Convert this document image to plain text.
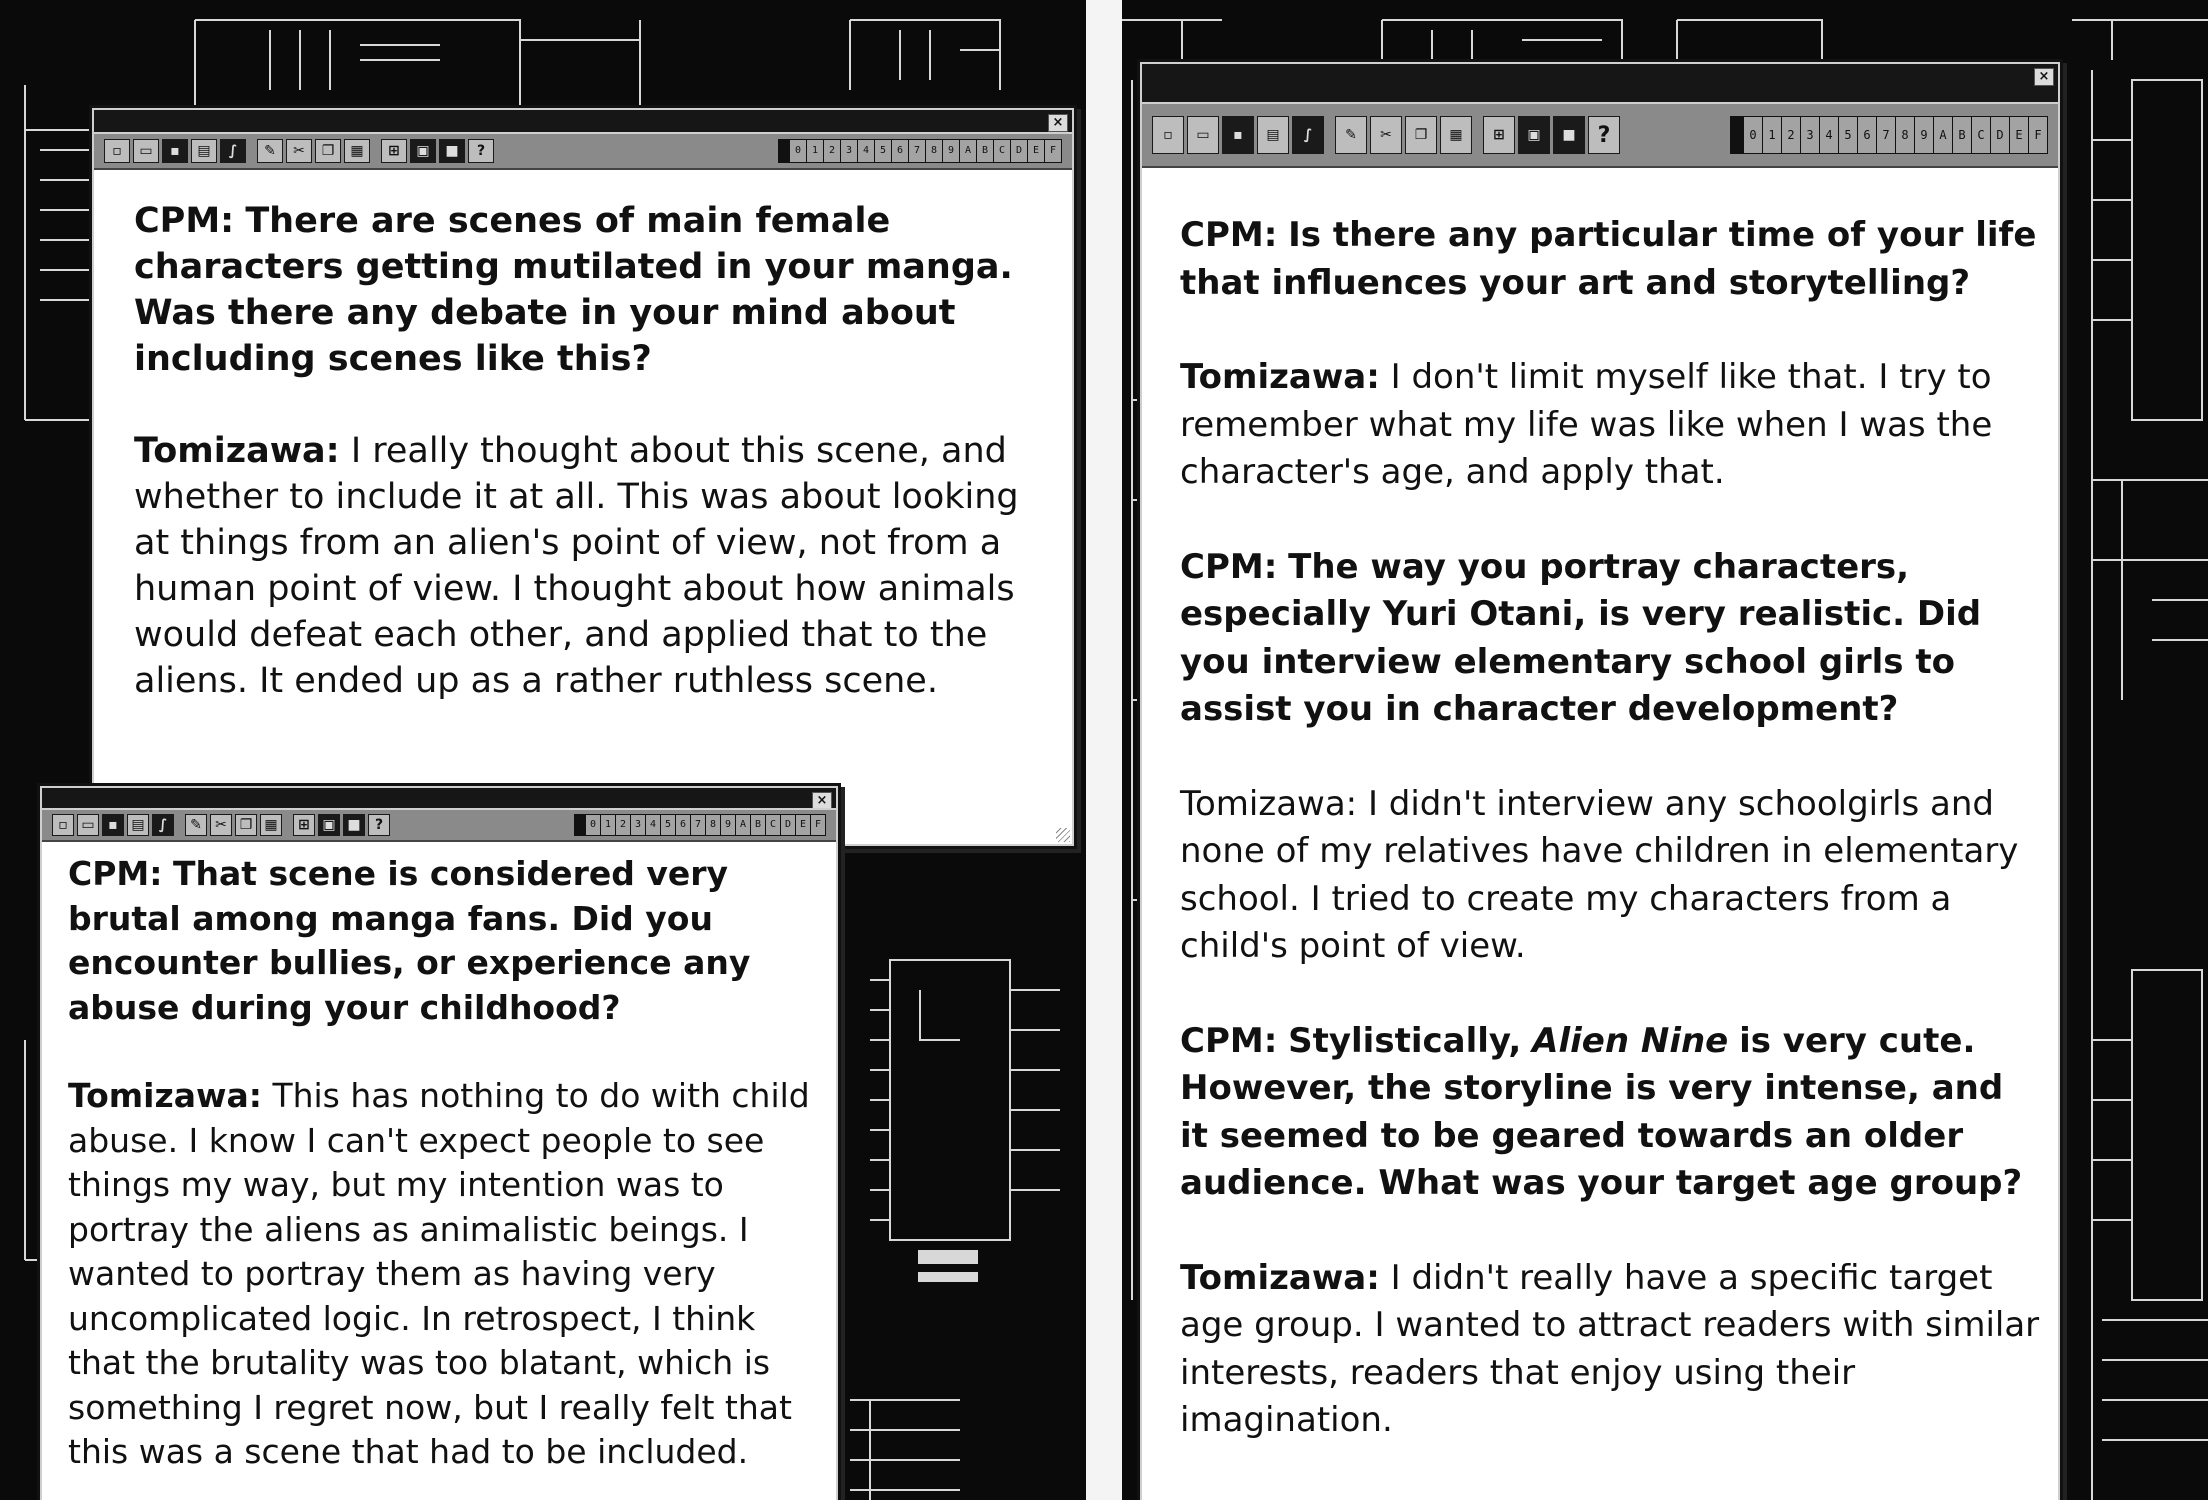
×
▫	▭	▪	▤	∫	✎	✂	❐	▦	⊞	▣	■	?	0	1	2	3	4	5	6	7	8	9	A	B	C	D	E	F

CPM: There are scenes of main female characters getting mutilated in your manga. Was there any debate in your mind about including scenes like this?

Tomizawa: I really thought about this scene, and whether to include it at all. This was about looking at things from an alien's point of view, not from a human point of view. I thought about how animals would defeat each other, and applied that to the aliens. It ended up as a rather ruthless scene.

×
▫ ▭ ▪ ▤	∫	✎ ✂ ❐ ▦	⊞ ▣ ■	?	0 1 2 3 4 5 6 7 8 9 A B C D E F

CPM: That scene is considered very brutal among manga fans. Did you encounter bullies, or experience any abuse during your childhood?

Tomizawa: This has nothing to do with child abuse. I know I can't expect people to see things my way, but my intention was to portray the aliens as animalistic beings. I wanted to portray them as having very uncomplicated logic. In retrospect, I think that the brutality was too blatant, which is something I regret now, but I really felt that this was a scene that had to be included.

×
▫	▭	▪	▤	∫	✎	✂	❐	▦	⊞	▣	■	?	0 1 2 3 4 5 6 7 8 9 A B C D E F

CPM: Is there any particular time of your life that influences your art and storytelling?

Tomizawa: I don't limit myself like that. I try to remember what my life was like when I was the character's age, and apply that.

CPM: The way you portray characters, especially Yuri Otani, is very realistic. Did you interview elementary school girls to assist you in character development?

Tomizawa: I didn't interview any schoolgirls and none of my relatives have children in elementary school. I tried to create my characters from a child's point of view.

CPM: Stylistically, Alien Nine is very cute. However, the storyline is very intense, and it seemed to be geared towards an older audience. What was your target age group?

Tomizawa: I didn't really have a specific target age group. I wanted to attract readers with similar interests, readers that enjoy using their imagination.
